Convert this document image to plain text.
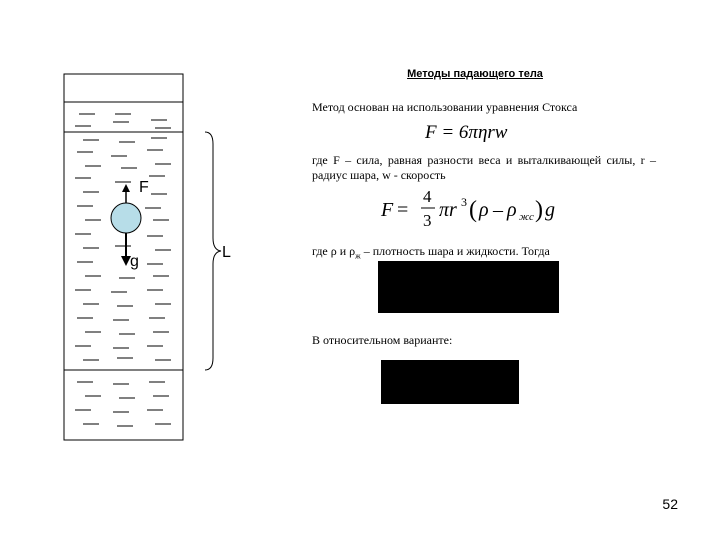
Методы падающего тела
Метод основан на использовании уравнения Стокса
F = 6πηrw
где F – сила, равная разности веса и выталкивающей силы, r – радиус шара, w - скорость
F =
4
3 πr 3 ( ρ – ρ жс ) g
где ρ и $\rho_ж$ – плотность шара и жидкости. Тогда
В относительном варианте:
F
g
L
52
